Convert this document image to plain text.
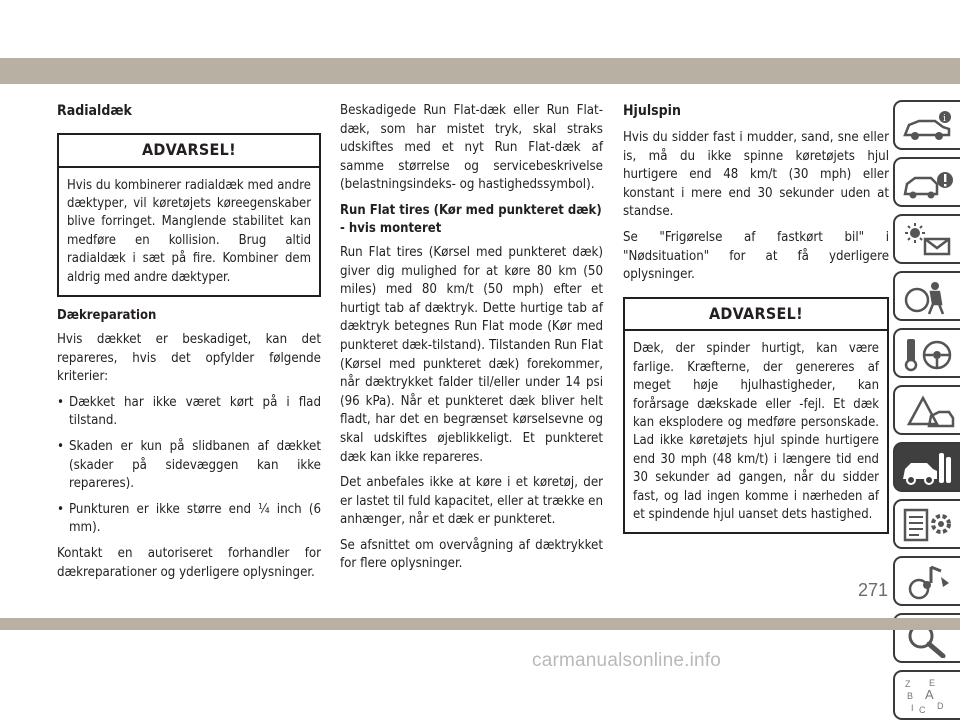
Radialdæk
ADVARSEL!
Hvis du kombinerer radialdæk med andre dæktyper, vil køretøjets køreegenskaber blive forringet. Manglende stabilitet kan medføre en kollision. Brug altid radialdæk i sæt på fire. Kombiner dem aldrig med andre dæktyper.
Dækreparation

Hvis dækket er beskadiget, kan det repareres, hvis det opfylder følgende kriterier:

• Dækket har ikke været kørt på i flad tilstand.
• Skaden er kun på slidbanen af dækket (skader på sidevæggen kan ikke repareres).
• Punkturen er ikke større end ¼ inch (6 mm).

Kontakt en autoriseret forhandler for dækreparationer og yderligere oplysninger.

Beskadigede Run Flat-dæk eller Run Flat-dæk, som har mistet tryk, skal straks udskiftes med et nyt Run Flat-dæk af samme størrelse og servicebeskrivelse (belastningsindeks- og hastighedssymbol).

Run Flat tires (Kør med punkteret dæk) - hvis monteret

Run Flat tires (Kørsel med punkteret dæk) giver dig mulighed for at køre 80 km (50 miles) med 80 km/t (50 mph) efter et hurtigt tab af dæktryk. Dette hurtige tab af dæktryk betegnes Run Flat mode (Kør med punkteret dæk-tilstand). Tilstanden Run Flat (Kørsel med punkteret dæk) forekommer, når dæktrykket falder til/eller under 14 psi (96 kPa). Når et punkteret dæk bliver helt fladt, har det en begrænset kørselsevne og skal udskiftes øjeblikkeligt. Et punkteret dæk kan ikke repareres.

Det anbefales ikke at køre i et køretøj, der er lastet til fuld kapacitet, eller at trække en anhænger, når et dæk er punkteret.

Se afsnittet om overvågning af dæktrykket for flere oplysninger.

Hjulspin

Hvis du sidder fast i mudder, sand, sne eller is, må du ikke spinne køretøjets hjul hurtigere end 48 km/t (30 mph) eller konstant i mere end 30 sekunder uden at standse.

Se "Frigørelse af fastkørt bil" i "Nødsituation" for at få yderligere oplysninger.

ADVARSEL!
Dæk, der spinder hurtigt, kan være farlige. Kræfterne, der genereres af meget høje hjulhastigheder, kan forårsage dækskade eller -fejl. Et dæk kan eksplodere og medføre personskade. Lad ikke køretøjets hjul spinde hurtigere end 30 mph (48 km/t) i længere tid end 30 sekunder ad gangen, når du sidder fast, og lad ingen komme i nærheden af et spindende hjul uanset dets hastighed.
i
Z E
B A
I C D
271
carmanualsonline.info
